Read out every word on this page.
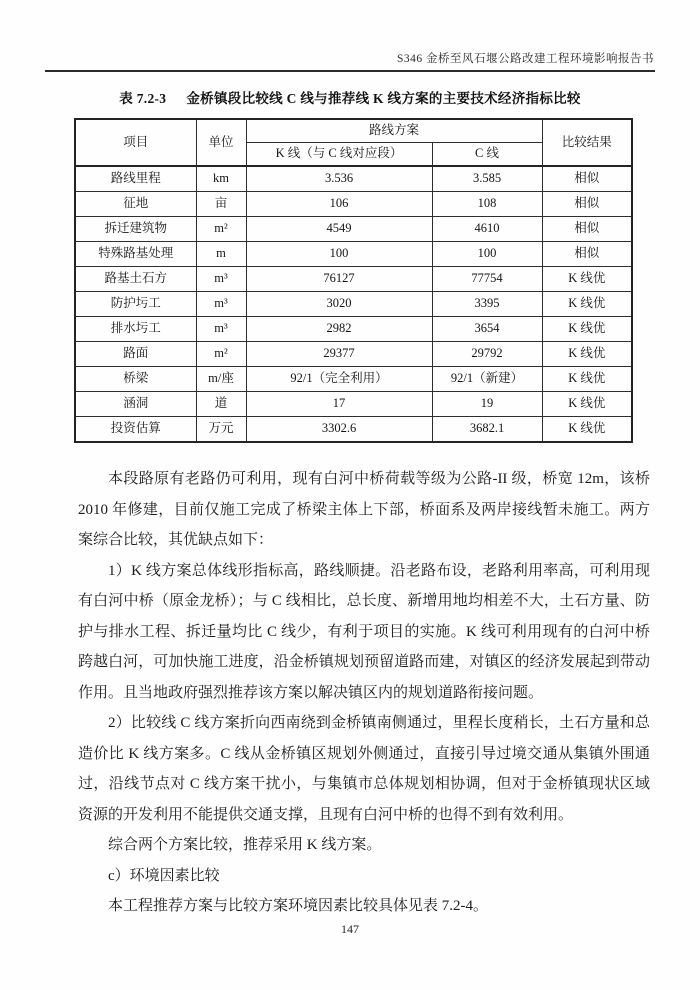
S346 金桥至风石堰公路改建工程环境影响报告书
表 7.2-3 金桥镇段比较线 C 线与推荐线 K 线方案的主要技术经济指标比较
项目	单位	路线方案		比较结果
		K 线（与 C 线对应段）	C 线	
路线里程	km	3.536	3.585	相似
征地	亩	106	108	相似
拆迁建筑物	m²	4549	4610	相似
特殊路基处理	m	100	100	相似
路基土石方	m³	76127	77754	K 线优
防护圬工	m³	3020	3395	K 线优
排水圬工	m³	2982	3654	K 线优
路面	m²	29377	29792	K 线优
桥梁	m/座	92/1（完全利用）	92/1（新建）	K 线优
涵洞	道	17	19	K 线优
投资估算	万元	3302.6	3682.1	K 线优

本段路原有老路仍可利用，现有白河中桥荷载等级为公路-II 级，桥宽 12m，该桥 2010 年修建，目前仅施工完成了桥梁主体上下部，桥面系及两岸接线暂未施工。两方案综合比较，其优缺点如下：

1）K 线方案总体线形指标高，路线顺捷。沿老路布设，老路利用率高，可利用现有白河中桥（原金龙桥）；与 C 线相比，总长度、新增用地均相差不大，土石方量、防护与排水工程、拆迁量均比 C 线少，有利于项目的实施。K 线可利用现有的白河中桥跨越白河，可加快施工进度，沿金桥镇规划预留道路而建，对镇区的经济发展起到带动作用。且当地政府强烈推荐该方案以解决镇区内的规划道路衔接问题。

2）比较线 C 线方案折向西南绕到金桥镇南侧通过，里程长度稍长，土石方量和总造价比 K 线方案多。C 线从金桥镇区规划外侧通过，直接引导过境交通从集镇外围通过，沿线节点对 C 线方案干扰小，与集镇市总体规划相协调，但对于金桥镇现状区域资源的开发利用不能提供交通支撑，且现有白河中桥的也得不到有效利用。

综合两个方案比较，推荐采用 K 线方案。

c）环境因素比较

本工程推荐方案与比较方案环境因素比较具体见表 7.2-4。

147
